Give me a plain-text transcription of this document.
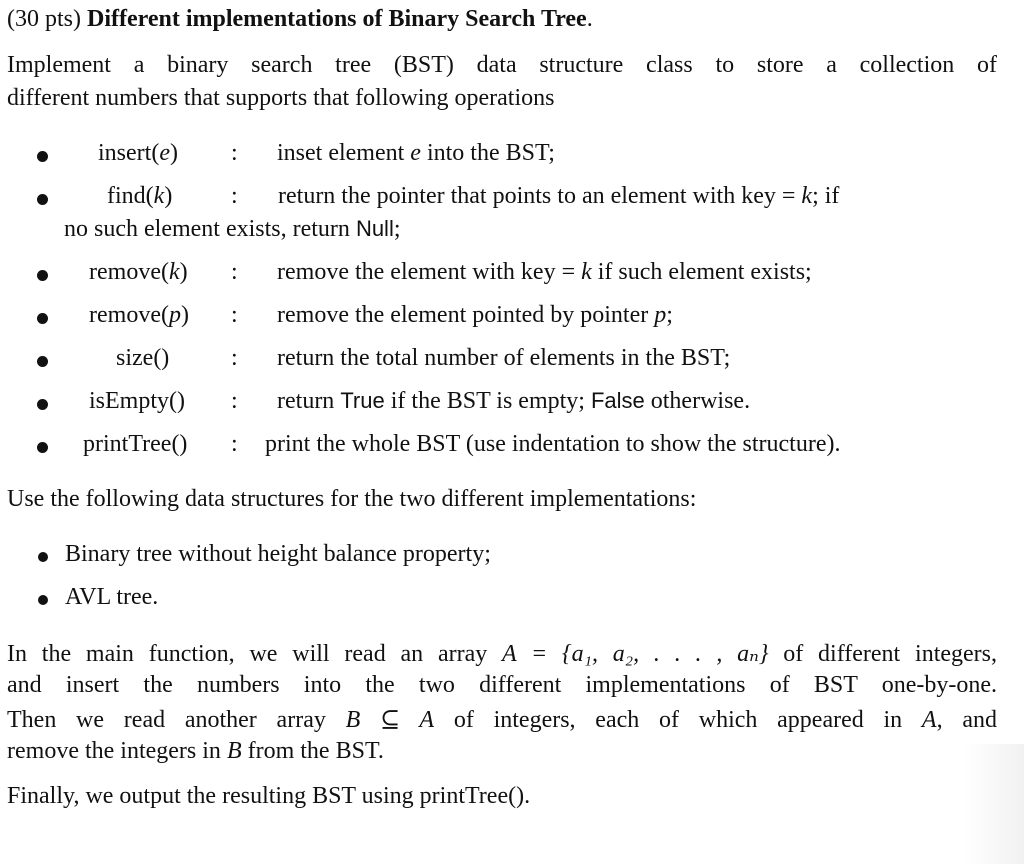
(30 pts) Different implementations of Binary Search Tree.
Implement a binary search tree (BST) data structure class to store a collection of
different numbers that supports that following operations
insert(e) : inset element e into the BST;
find(k) : return the pointer that points to an element with key = k; if
no such element exists, return Null;
remove(k) : remove the element with key = k if such element exists;
remove(p) : remove the element pointed by pointer p;
size()	: return the total number of elements in the BST;
isEmpty() : return True if the BST is empty; False otherwise.
printTree() : print the whole BST (use indentation to show the structure).
Use the following data structures for the two different implementations:
Binary tree without height balance property;
AVL tree.
In the main function, we will read an array A = {a₁, a₂, . . . , aₙ} of different integers,
and insert the numbers into the two different implementations of BST one-by-one.
Then we read another array B ⊆ A of integers, each of which appeared in A, and
remove the integers in B from the BST.
Finally, we output the resulting BST using printTree().
